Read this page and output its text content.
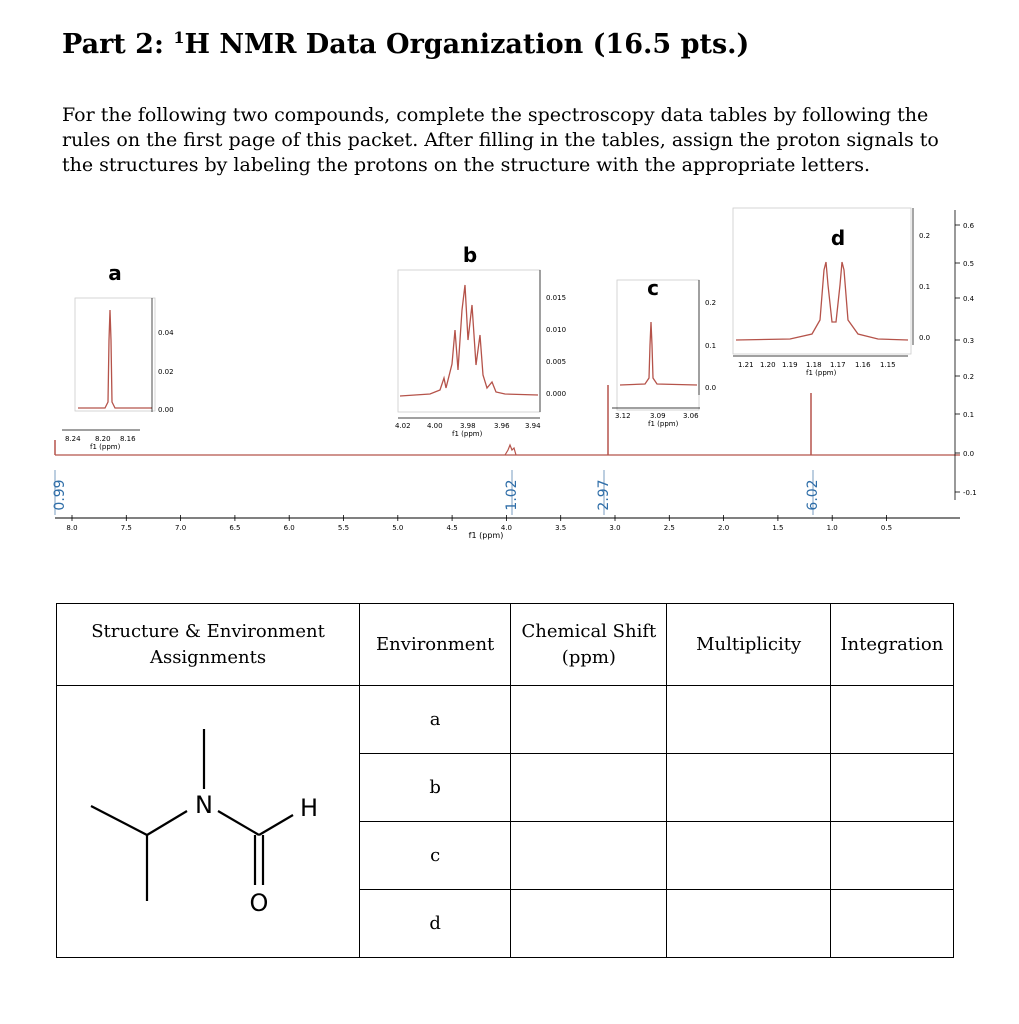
Part 2: $^1$H NMR Data Organization (16.5 pts.)
For the following two compounds, complete the spectroscopy data tables by following the rules on the first page of this packet. After filling in the tables, assign the proton signals to the structures by labeling the protons on the structure with the appropriate letters.
8.0	7.5	7.0	6.5	6.0	5.5	5.0	4.5	4.0	3.5	3.0	2.5	2.0	1.5	1.0	0.5
f1 (ppm)
0.6
0.5
0.4
0.3
0.2
0.1
0.0
-0.1
0.99	1.02	2.97	6.02
a
0.04
0.02
0.00
8.24 8.20 8.16
f1 (ppm)
b
0.015
0.010
0.005
0.000
4.02 4.00 3.98	3.96 3.94
f1 (ppm)
c
0.2
0.1
0.0
3.12	3.09 3.06
f1 (ppm)
d	0.2
0.1
0.0
1.21 1.20 1.19 1.18 1.17 1.16 1.15
f1 (ppm)
Structure & Environment Assignments	Environment	Chemical Shift (ppm)	Multiplicity	Integration

N H
O	a			
	b			
	c			
	d			
